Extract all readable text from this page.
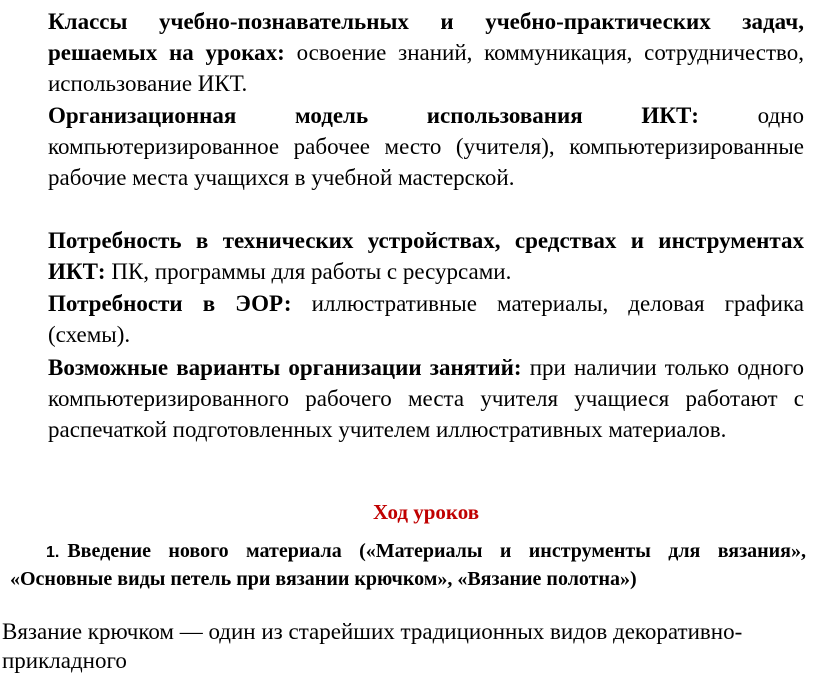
Классы учебно-познавательных и учебно-практических задач, решаемых на уроках: освоение знаний, коммуникация, сотрудничество, использование ИКТ.

Организационная модель использования ИКТ: одно компьютеризированное рабочее место (учителя), компьютеризированные рабочие места учащихся в учебной мастерской.

Потребность в технических устройствах, средствах и инструментах ИКТ: ПК, программы для работы с ресурсами.

Потребности в ЭОР: иллюстративные материалы, деловая графика (схемы).

Возможные варианты организации занятий: при наличии только одного компьютеризированного рабочего места учителя учащиеся работают с распечаткой подготовленных учителем иллюстративных материалов.

Ход уроков
1. Введение нового материала («Материалы и инструменты для вязания», «Основные виды петель при вязании крючком», «Вязание полотна»)
Вязание крючком — один из старейших традиционных видов декоративно-прикладного
